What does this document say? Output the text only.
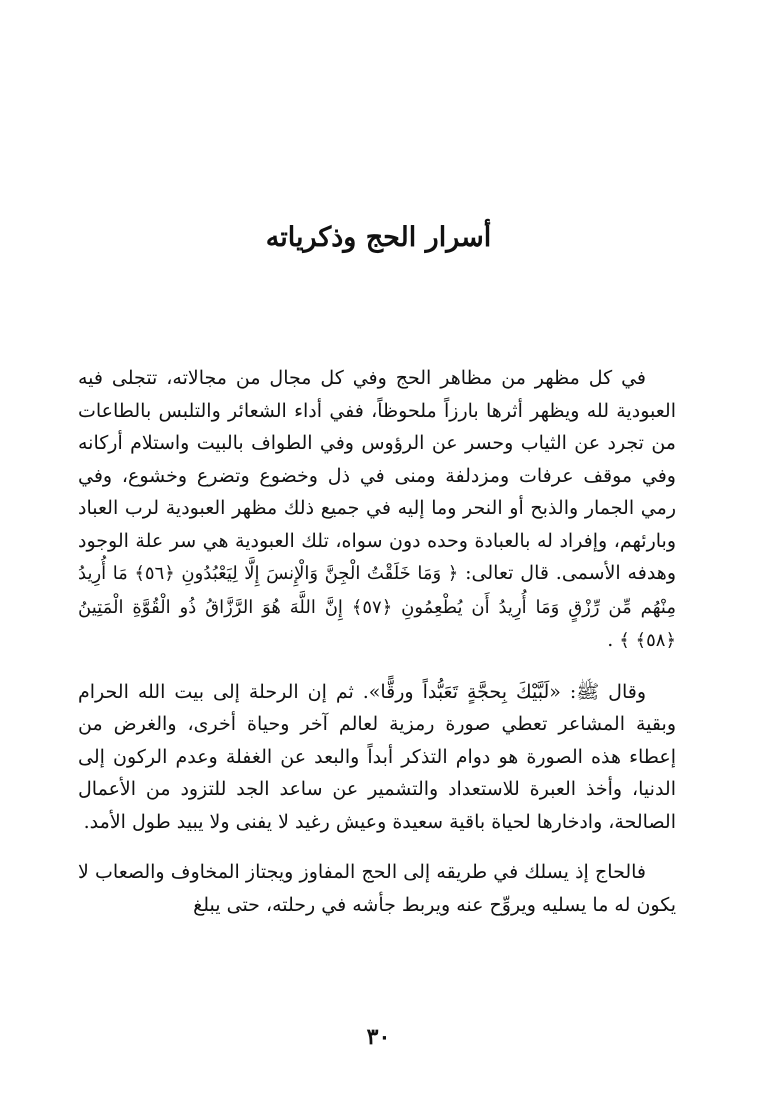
أسرار الحج وذكرياته

في كل مظهر من مظاهر الحج وفي كل مجال من مجالاته، تتجلى فيه العبودية لله ويظهر أثرها بارزاً ملحوظاً، ففي أداء الشعائر والتلبس بالطاعات من تجرد عن الثياب وحسر عن الرؤوس وفي الطواف بالبيت واستلام أركانه وفي موقف عرفات ومزدلفة ومنى في ذل وخضوع وتضرع وخشوع، وفي رمي الجمار والذبح أو النحر وما إليه في جميع ذلك مظهر العبودية لرب العباد وبارئهم، وإفراد له بالعبادة وحده دون سواه، تلك العبودية هي سر علة الوجود وهدفه الأسمى. قال تعالى: ﴿ وَمَا خَلَقْتُ الْجِنَّ وَالْإِنسَ إِلَّا لِيَعْبُدُونِ ﴿٥٦﴾ مَا أُرِيدُ مِنْهُم مِّن رِّزْقٍ وَمَا أُرِيدُ أَن يُطْعِمُونِ ﴿٥٧﴾ إِنَّ اللَّهَ هُوَ الرَّزَّاقُ ذُو الْقُوَّةِ الْمَتِينُ ﴿٥٨﴾ ﴾ .

وقال ﷺ: «لَبَّيْكَ بِحجَّةٍ تَعَبُّداً ورقًّا». ثم إن الرحلة إلى بيت الله الحرام وبقية المشاعر تعطي صورة رمزية لعالم آخر وحياة أخرى، والغرض من إعطاء هذه الصورة هو دوام التذكر أبداً والبعد عن الغفلة وعدم الركون إلى الدنيا، وأخذ العبرة للاستعداد والتشمير عن ساعد الجد للتزود من الأعمال الصالحة، وادخارها لحياة باقية سعيدة وعيش رغيد لا يفنى ولا يبيد طول الأمد.

فالحاج إذ يسلك في طريقه إلى الحج المفاوز ويجتاز المخاوف والصعاب لا يكون له ما يسليه ويروِّح عنه ويربط جأشه في رحلته، حتى يبلغ

٣٠
